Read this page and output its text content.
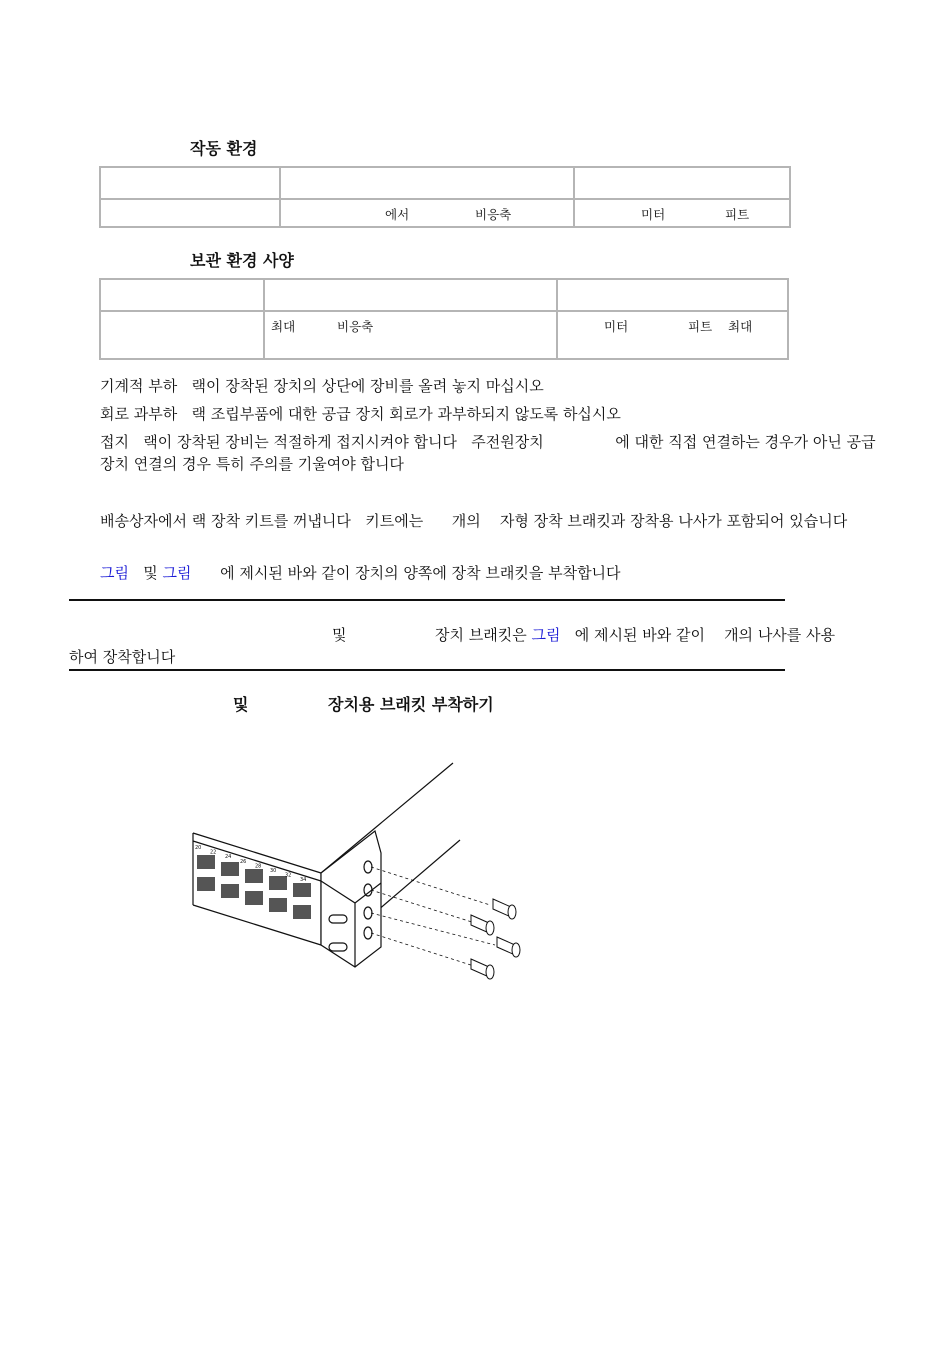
작동 환경

	에서 비응축	미터 피트
보관 환경 사양

	최대 비응축	미터 피트 최대
기계적 부하   랙이 장착된 장치의 상단에 장비를 올려 놓지 마십시오
회로 과부하   랙 조립부품에 대한 공급 장치 회로가 과부하되지 않도록 하십시오
접지   랙이 장착된 장비는 적절하게 접지시켜야 합니다   주전원장치               에 대한 직접 연결하는 경우가 아닌 공급장치 연결의 경우 특히 주의를 기울여야 합니다
배송상자에서 랙 장착 키트를 꺼냅니다   키트에는      개의    자형 장착 브래킷과 장착용 나사가 포함되어 있습니다
그림   및 그림      에 제시된 바와 같이 장치의 양쪽에 장착 브래킷을 부착합니다
및	장치 브래킷은 그림   에 제시된 바와 같이    개의 나사를 사용
하여 장착합니다
및	장치용 브래킷 부착하기
20
22
24
26
28
30
32
34
